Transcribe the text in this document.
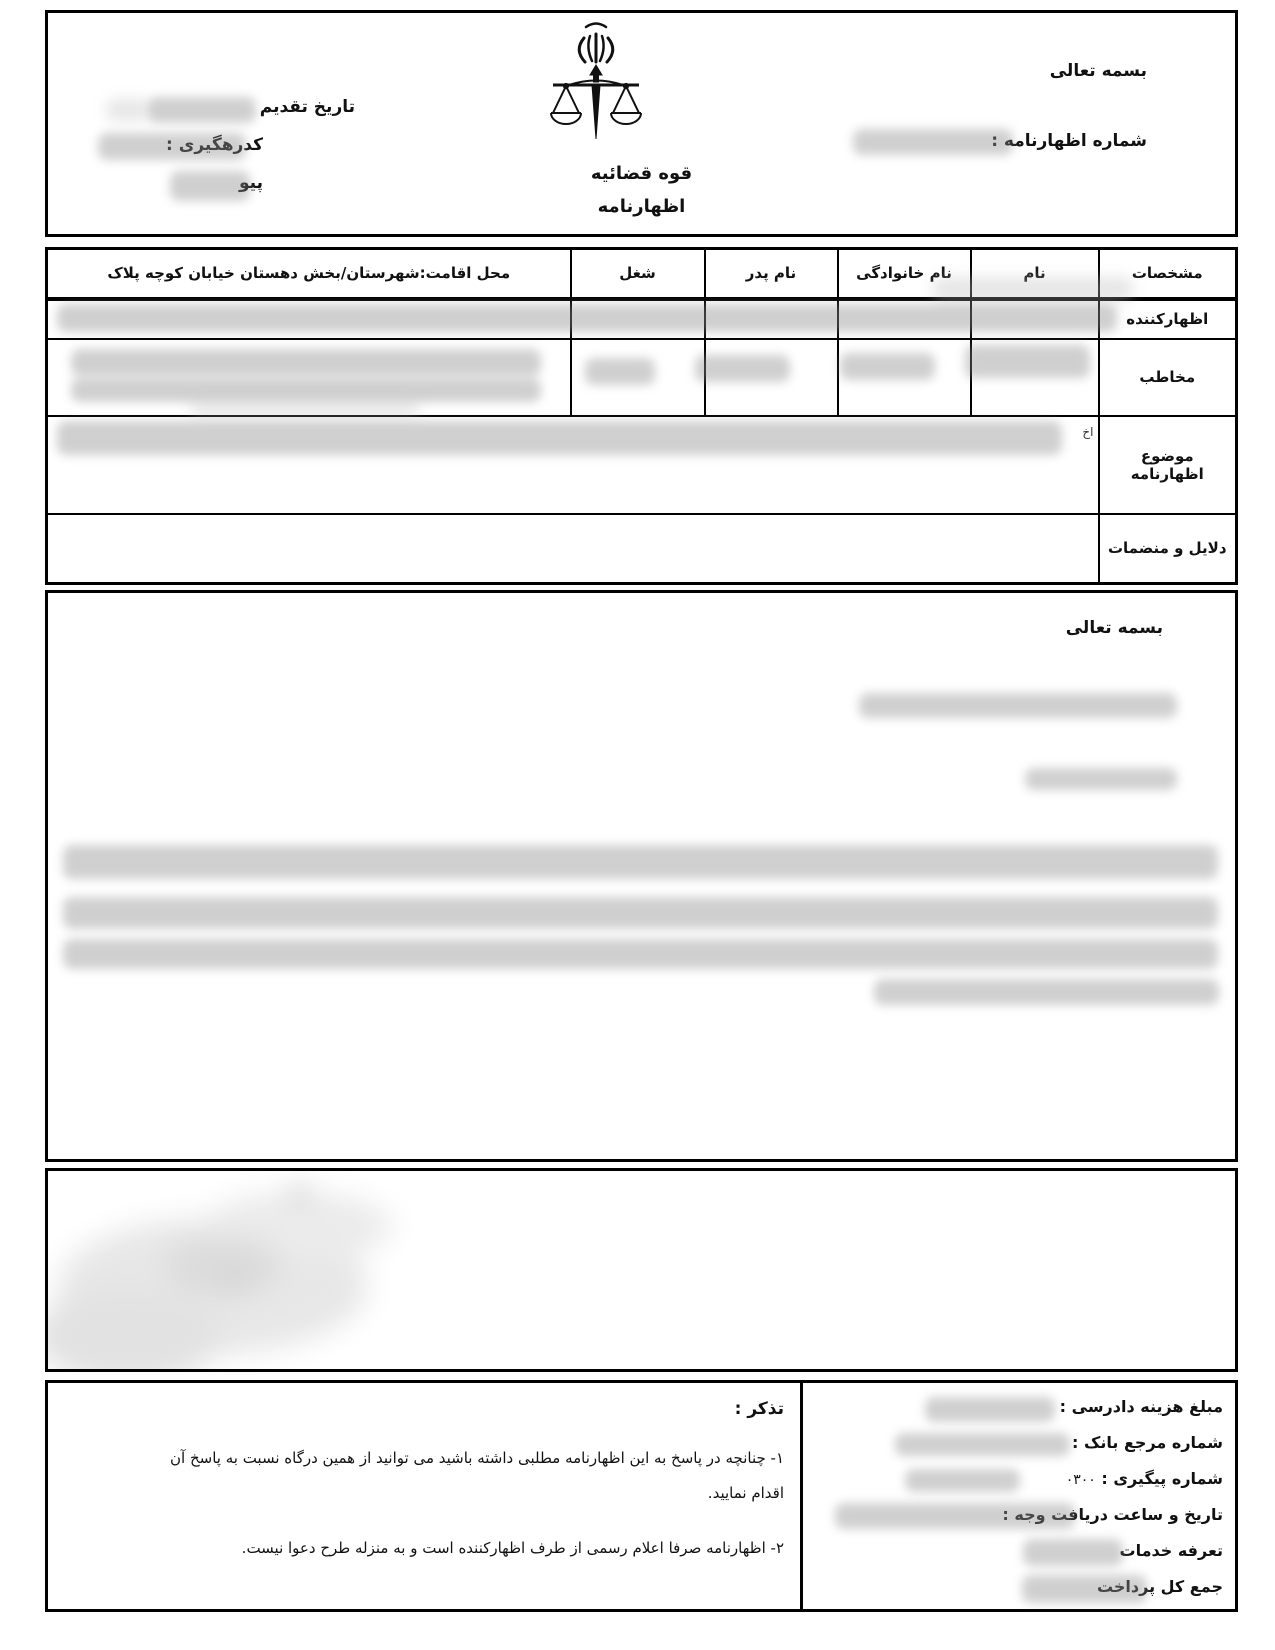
بسمه تعالی
شماره اظهارنامه :
قوه قضائیه
اظهارنامه
تاریخ تقدیم
کدرهگیری :
پیو
مشخصات	نام	نام خانوادگی	نام پدر	شغل	محل اقامت:شهرستان/بخش دهستان خیابان کوچه پلاک
اظهارکننده					
مخاطب					
موضوع اظهارنامه	اخ				

دلایل و منضمات					
بسمه تعالی
مبلغ هزینه دادرسی :
شماره مرجع بانک :
شماره پیگیری : ۰۳۰۰
تاریخ و ساعت دریافت وجه :
تعرفه خدمات
جمع کل پرداخت
تذکر :
۱- چنانچه در پاسخ به این اظهارنامه مطلبی داشته باشید می توانید از همین درگاه نسبت به پاسخ آن
اقدام نمایید.
۲- اظهارنامه صرفا اعلام رسمی از طرف اظهارکننده است و به منزله طرح دعوا نیست.
